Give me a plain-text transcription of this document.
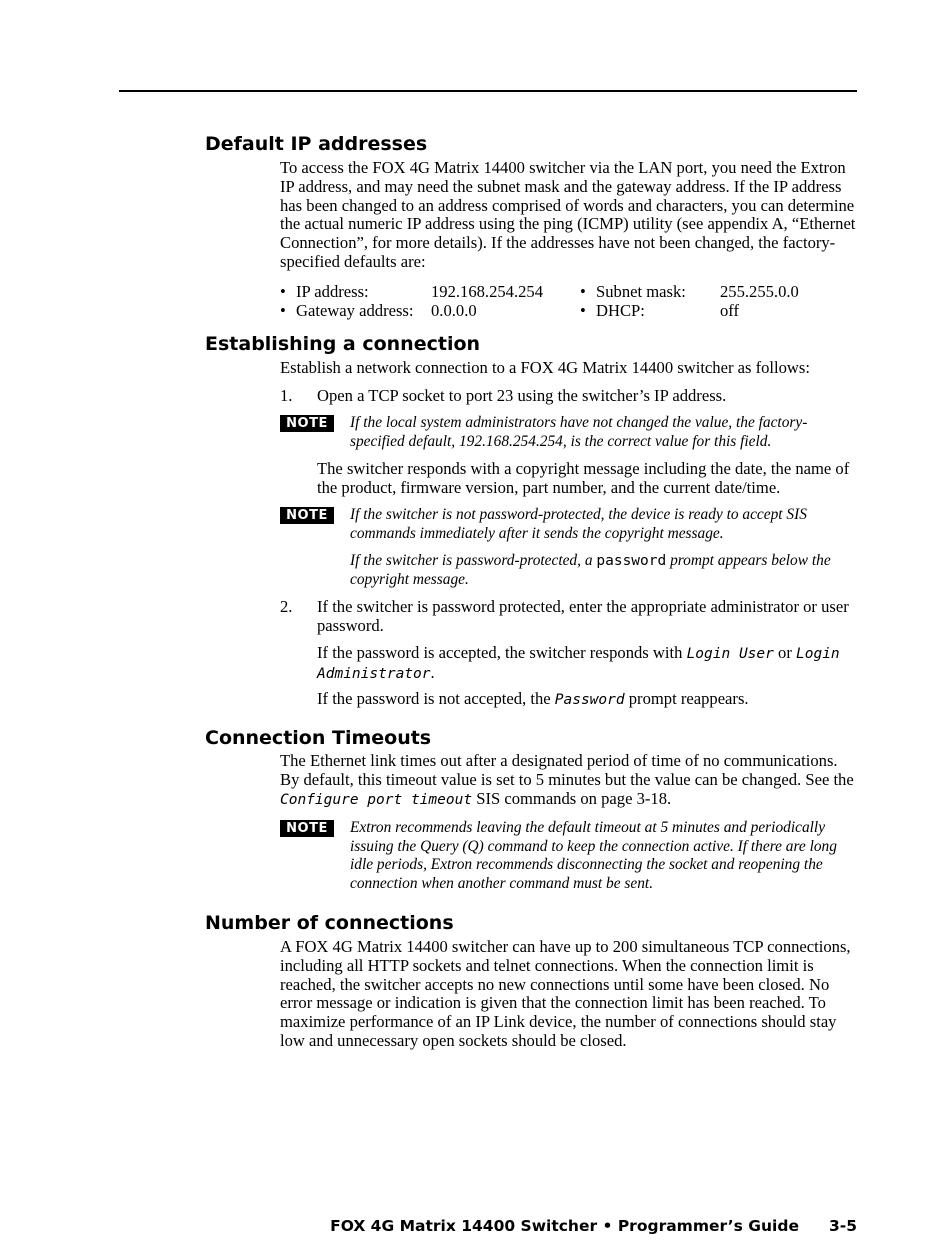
Default IP addresses

To access the FOX 4G Matrix 14400 switcher via the LAN port, you need the Extron IP address, and may need the subnet mask and the gateway address. If the IP address has been changed to an address comprised of words and characters, you can determine the actual numeric IP address using the ping (ICMP) utility (see appendix A, “Ethernet Connection”, for more details). If the addresses have not been changed, the factory-specified defaults are:

• IP address:	192.168.254.254 • Subnet mask: 255.255.0.0
• Gateway address: 0.0.0.0	• DHCP:	off
Establishing a connection

Establish a network connection to a FOX 4G Matrix 14400 switcher as follows:

1. Open a TCP socket to port 23 using the switcher’s IP address.
NOTE	If the local system administrators have not changed the value, the factory-specified default, 192.168.254.254, is the correct value for this field.

The switcher responds with a copyright message including the date, the name of the product, firmware version, part number, and the current date/time.

NOTE	If the switcher is not password-protected, the device is ready to accept SIS commands immediately after it sends the copyright message.

If the switcher is password-protected, a password prompt appears below the copyright message.

2. If the switcher is password protected, enter the appropriate administrator or user password.

If the password is accepted, the switcher responds with Login User or Login Administrator.

If the password is not accepted, the Password prompt reappears.

Connection Timeouts

The Ethernet link times out after a designated period of time of no communications. By default, this timeout value is set to 5 minutes but the value can be changed. See the Configure port timeout SIS commands on page 3-18.

NOTE	Extron recommends leaving the default timeout at 5 minutes and periodically issuing the Query (Q) command to keep the connection active. If there are long idle periods, Extron recommends disconnecting the socket and reopening the connection when another command must be sent.

Number of connections

A FOX 4G Matrix 14400 switcher can have up to 200 simultaneous TCP connections, including all HTTP sockets and telnet connections. When the connection limit is reached, the switcher accepts no new connections until some have been closed. No error message or indication is given that the connection limit has been reached. To maximize performance of an IP Link device, the number of connections should stay low and unnecessary open sockets should be closed.

FOX 4G Matrix 14400 Switcher • Programmer’s Guide 3-5
